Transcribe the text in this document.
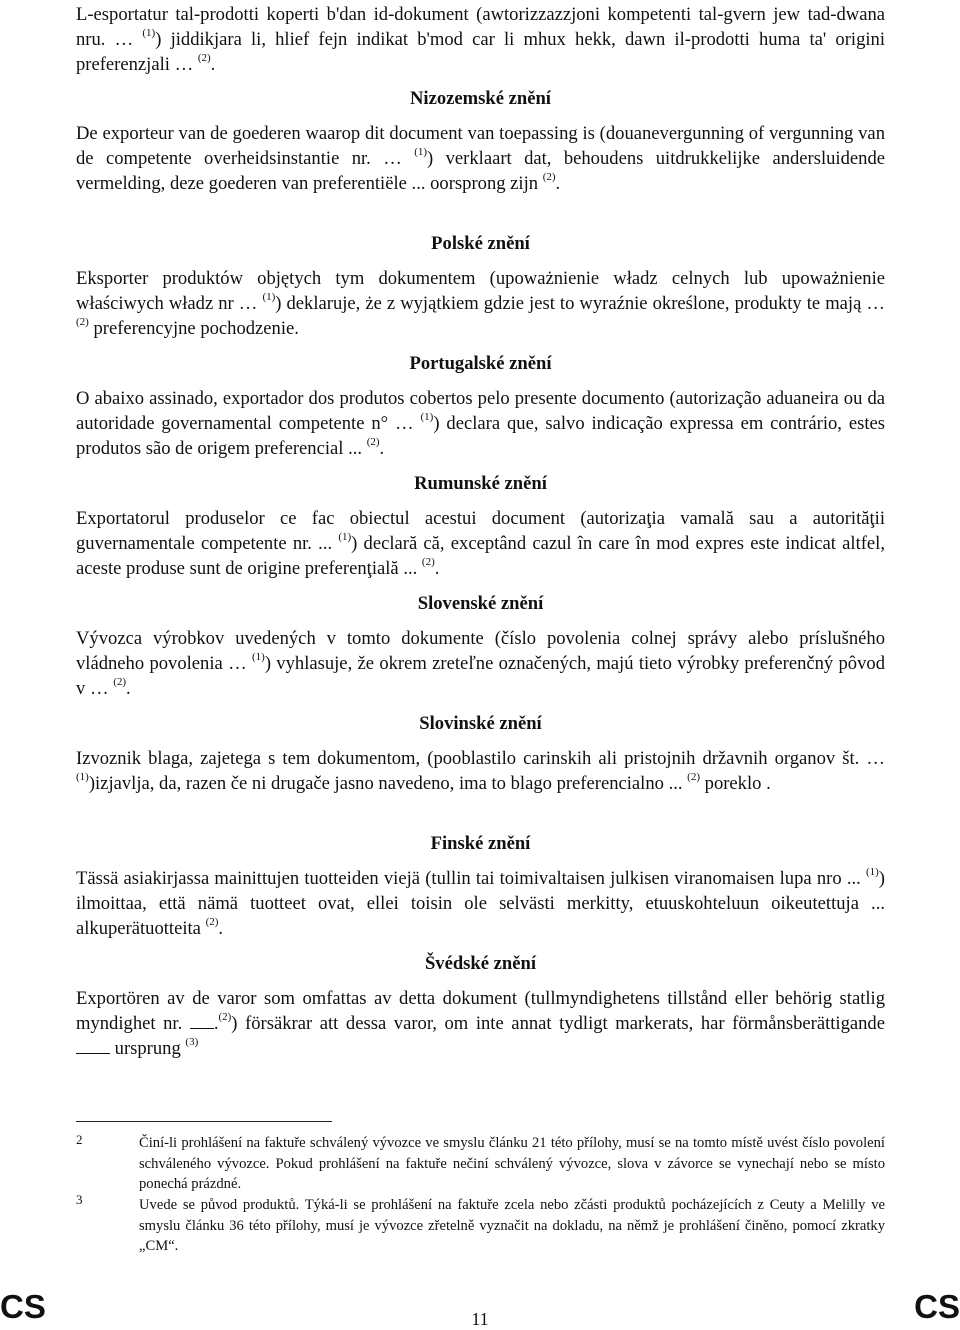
L-esportatur tal-prodotti koperti b'dan id-dokument (awtorizzazzjoni kompetenti tal-gvern jew tad-dwana nru. … $^{(1)}$) jiddikjara li, hlief fejn indikat b'mod car li mhux hekk, dawn il-prodotti huma ta' origini preferenzjali … $^{(2)}$.

Nizozemské znění

De exporteur van de goederen waarop dit document van toepassing is (douanevergunning of vergunning van de competente overheidsinstantie nr. … $^{(1)}$) verklaart dat, behoudens uitdrukkelijke andersluidende vermelding, deze goederen van preferentiële ... oorsprong zijn $^{(2)}$.

Polské znění

Eksporter produktów objętych tym dokumentem (upoważnienie władz celnych lub upoważnienie właściwych władz nr … $^{(1)}$) deklaruje, że z wyjątkiem gdzie jest to wyraźnie określone, produkty te mają … $^{(2)}$ preferencyjne pochodzenie.

Portugalské znění

O abaixo assinado, exportador dos produtos cobertos pelo presente documento (autorização aduaneira ou da autoridade governamental competente n° … $^{(1)}$) declara que, salvo indicação expressa em contrário, estes produtos são de origem preferencial ... $^{(2)}$.

Rumunské znění

Exportatorul produselor ce fac obiectul acestui document (autorizaţia vamală sau a autorităţii guvernamentale competente nr. ... $^{(1)}$) declară că, exceptând cazul în care în mod expres este indicat altfel, aceste produse sunt de origine preferenţială ... $^{(2)}$.

Slovenské znění

Vývozca výrobkov uvedených v tomto dokumente (číslo povolenia colnej správy alebo príslušného vládneho povolenia … $^{(1)}$) vyhlasuje, že okrem zreteľne označených, majú tieto výrobky preferenčný pôvod v … $^{(2)}$.

Slovinské znění

Izvoznik blaga, zajetega s tem dokumentom, (pooblastilo carinskih ali pristojnih državnih organov št. … $^{(1)}$)izjavlja, da, razen če ni drugače jasno navedeno, ima to blago preferencialno ... $^{(2)}$ poreklo .

Finské znění

Tässä asiakirjassa mainittujen tuotteiden viejä (tullin tai toimivaltaisen julkisen viranomaisen lupa nro ... $^{(1)}$) ilmoittaa, että nämä tuotteet ovat, ellei toisin ole selvästi merkitty, etuuskohteluun oikeutettuja ... alkuperätuotteita $^{(2)}$.

Švédské znění

Exportören av de varor som omfattas av detta dokument (tullmyndighetens tillstånd eller behörig statlig myndighet nr. .$^{(2)}$) försäkrar att dessa varor, om inte annat tydligt markerats, har förmånsberättigande  ursprung $^{(3)}$

2	Činí-li prohlášení na faktuře schválený vývozce ve smyslu článku 21 této přílohy, musí se na tomto místě uvést číslo povolení schváleného vývozce. Pokud prohlášení na faktuře nečiní schválený vývozce, slova v závorce se vynechají nebo se místo ponechá prázdné.

3	Uvede se původ produktů. Týká-li se prohlášení na faktuře zcela nebo zčásti produktů pocházejících z Ceuty a Melilly ve smyslu článku 36 této přílohy, musí je vývozce zřetelně vyznačit na dokladu, na němž je prohlášení činěno, pomocí zkratky „CM“.

CS	CS
11
